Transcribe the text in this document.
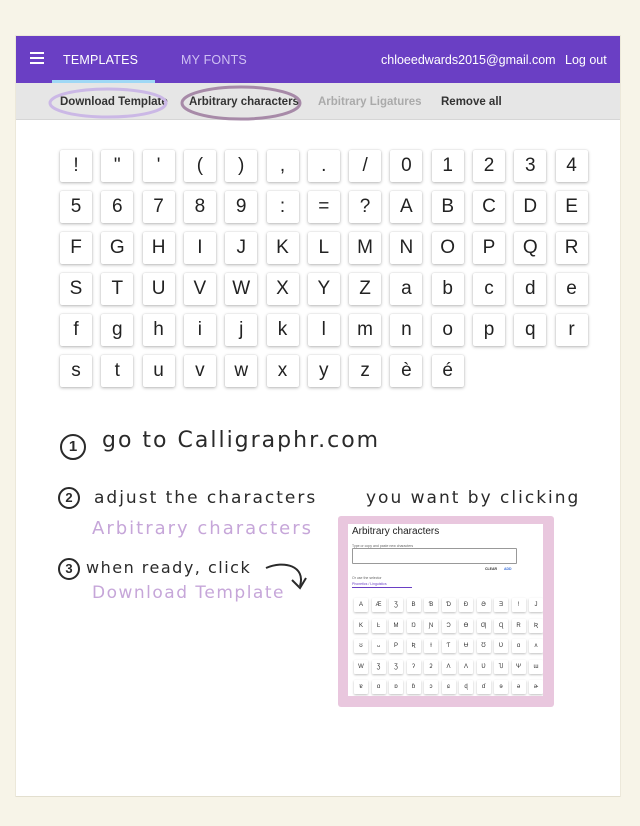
TEMPLATES	MY FONTS	chloeedwards2015@gmail.com Log out
Download Template Arbitrary characters Arbitrary Ligatures Remove all
!	"	'	(	)	,	.	/	0	1	2	3	4
5	6	7	8	9	:	=	?	A	B	C	D	E
F	G	H	I	J	K	L	M	N	O	P	Q	R
S	T	U	V	W	X	Y	Z	a	b	c	d	e
f	g	h	i	j	k	l	m	n	o	p	q	r
s	t	u	v	w	x	y	z	è	é
1	go to Calligraphr.com
2	adjust the characters	you want by clicking
Arbitrary characters
3 when ready, click
Download Template
Arbitrary characters
Type or copy and paste new characters
CLEAR ADD
Or use the selector
Phonetics / Linguistics
A	Æ	Ʒ	B	Ɓ	Ɗ	Đ	Ə	Ǝ	!	J
K	Ŀ	M	Ŋ	Ɲ	Ɔ	Ɵ	Ƣ	Ɋ	R	Ʀ
ʊ	ᴗ	P	Ʀ	ƚ	Ƭ	Ʉ	Ʊ	Ʋ	ɑ	ʌ
W	Ʒ	Ʒ	ʔ	ʡ	Ʌ	Ʌ	Ʋ	Ⴎ	Ψ	ɯ
ɐ	ɑ	ɒ	ɓ	ɔ	ɕ	ɖ	ɗ	ɘ	ə	ɚ
